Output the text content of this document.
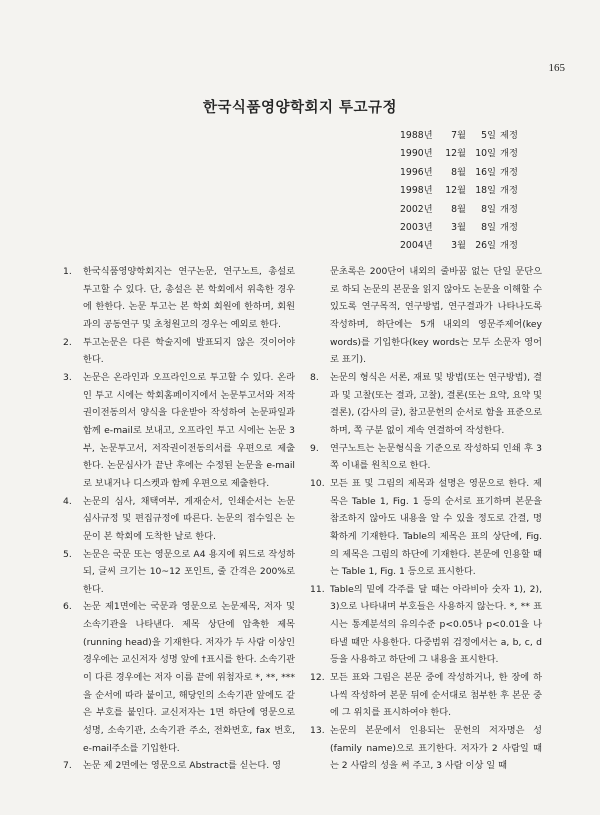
165
한국식품영양학회지 투고규정
1988년	7월	5일 제정
1990년	12월 10일 개정
1996년	8월 16일 개정
1998년	12월 18일 개정
2002년	8월	8일 개정
2003년	3월	8일 개정
2004년	3월 26일 개정
1.	한국식품영양학회지는 연구논문, 연구노트, 총설로 투고할 수 있다. 단, 총설은 본 학회에서 위촉한 경우에 한한다. 논문 투고는 본 학회 회원에 한하며, 회원과의 공동연구 및 초청원고의 경우는 예외로 한다.
2.	투고논문은 다른 학술지에 발표되지 않은 것이어야 한다.
3.	논문은 온라인과 오프라인으로 투고할 수 있다. 온라인 투고 시에는 학회홈페이지에서 논문투고서와 저작권이전동의서 양식을 다운받아 작성하여 논문파일과 함께 e-mail로 보내고, 오프라인 투고 시에는 논문 3부, 논문투고서, 저작권이전동의서를 우편으로 제출한다. 논문심사가 끝난 후에는 수정된 논문을 e-mail로 보내거나 디스켓과 함께 우편으로 제출한다.
4.	논문의 심사, 채택여부, 게재순서, 인쇄순서는 논문 심사규정 및 편집규정에 따른다. 논문의 접수일은 논문이 본 학회에 도착한 날로 한다.
5.	논문은 국문 또는 영문으로 A4 용지에 워드로 작성하되, 글씨 크기는 10~12 포인트, 줄 간격은 200%로 한다.
6.	논문 제1면에는 국문과 영문으로 논문제목, 저자 및 소속기관을 나타낸다. 제목 상단에 압축한 제목(running head)을 기재한다. 저자가 두 사람 이상인 경우에는 교신저자 성명 앞에 †표시를 한다. 소속기관이 다른 경우에는 저자 이름 끝에 위첨자로 *, **, *** 을 순서에 따라 붙이고, 해당인의 소속기관 앞에도 같은 부호를 붙인다. 교신저자는 1면 하단에 영문으로 성명, 소속기관, 소속기관 주소, 전화번호, fax 번호, e-mail주소를 기입한다.
7.	논문 제 2면에는 영문으로 Abstract를 싣는다. 영
문초록은 200단어 내외의 줄바꿈 없는 단일 문단으로 하되 논문의 본문을 읽지 않아도 논문을 이해할 수 있도록 연구목적, 연구방법, 연구결과가 나타나도록 작성하며, 하단에는 5개 내외의 영문주제어(key words)를 기입한다(key words는 모두 소문자 영어로 표기).
8.	논문의 형식은 서론, 재료 및 방법(또는 연구방법), 결과 및 고찰(또는 결과, 고찰), 결론(또는 요약, 요약 및 결론), (감사의 글), 참고문헌의 순서로 함을 표준으로 하며, 쪽 구분 없이 계속 연결하여 작성한다.
9.	연구노트는 논문형식을 기준으로 작성하되 인쇄 후 3쪽 이내를 원칙으로 한다.
10. 모든 표 및 그림의 제목과 설명은 영문으로 한다. 제목은 Table 1, Fig. 1 등의 순서로 표기하며 본문을 참조하지 않아도 내용을 알 수 있을 정도로 간결, 명확하게 기재한다. Table의 제목은 표의 상단에, Fig.의 제목은 그림의 하단에 기재한다. 본문에 인용할 때는 Table 1, Fig. 1 등으로 표시한다.
11. Table의 밑에 각주를 달 때는 아라비아 숫자 1), 2), 3)으로 나타내며 부호들은 사용하지 않는다. *, ** 표시는 통계분석의 유의수준 p<0.05나 p<0.01을 나타낼 때만 사용한다. 다중범위 검정에서는 a, b, c, d 등을 사용하고 하단에 그 내용을 표시한다.
12. 모든 표와 그림은 본문 중에 작성하거나, 한 장에 하나씩 작성하여 본문 뒤에 순서대로 첨부한 후 본문 중에 그 위치를 표시하여야 한다.
13. 논문의 본문에서 인용되는 문헌의 저자명은 성(family name)으로 표기한다. 저자가 2 사람일 때는 2 사람의 성을 써 주고, 3 사람 이상 일 때
